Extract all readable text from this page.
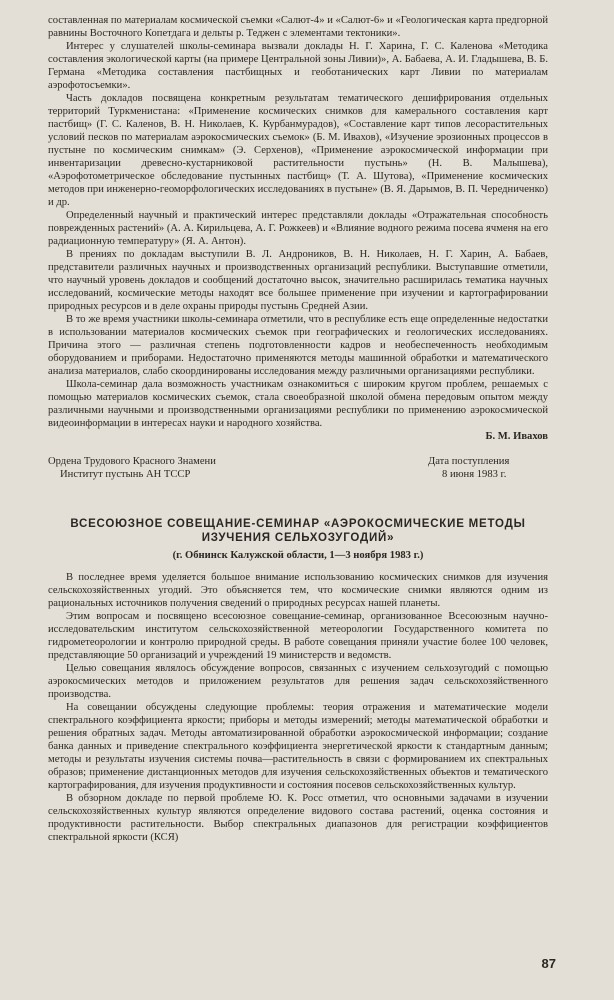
составленная по материалам космической съемки «Салют-4» и «Салют-6» и «Геологическая карта предгорной равнины Восточного Копетдага и дельты р. Теджен с элементами тектоники».

Интерес у слушателей школы-семинара вызвали доклады Н. Г. Харина, Г. С. Каленова «Методика составления экологической карты (на примере Центральной зоны Ливии)», А. Бабаева, А. И. Гладышева, В. Б. Германа «Методика составления пастбищных и геоботанических карт Ливии по материалам аэрофотосъемки».

Часть докладов посвящена конкретным результатам тематического дешифрирования отдельных территорий Туркменистана: «Применение космических снимков для камерального составления карт пастбищ» (Г. С. Каленов, В. Н. Николаев, К. Курбанмурадов), «Составление карт типов лесорастительных условий песков по материалам аэрокосмических съемок» (Б. М. Ивахов), «Изучение эрозионных процессов в пустыне по космическим снимкам» (Э. Серхенов), «Применение аэрокосмической информации при инвентаризации древесно-кустарниковой растительности пустынь» (Н. В. Малышева), «Аэрофотометрическое обследование пустынных пастбищ» (Т. А. Шутова), «Применение космических методов при инженерно-геоморфологических исследованиях в пустыне» (В. Я. Дарымов, В. П. Чередниченко) и др.

Определенный научный и практический интерес представляли доклады «Отражательная способность поврежденных растений» (А. А. Кирильцева, А. Г. Рожкеев) и «Влияние водного режима посева ячменя на его радиационную температуру» (Я. А. Антон).

В прениях по докладам выступили В. Л. Андроников, В. Н. Николаев, Н. Г. Харин, А. Бабаев, представители различных научных и производственных организаций республики. Выступавшие отметили, что научный уровень докладов и сообщений достаточно высок, значительно расширилась тематика научных исследований, космические методы находят все большее применение при изучении и картографировании природных ресурсов и в деле охраны природы пустынь Средней Азии.

В то же время участники школы-семинара отметили, что в республике есть еще определенные недостатки в использовании материалов космических съемок при географических и геологических исследованиях. Причина этого — различная степень подготовленности кадров и необеспеченность необходимым оборудованием и приборами. Недостаточно применяются методы машинной обработки и математического анализа материалов, слабо скоординированы исследования между различными организациями республики.

Школа-семинар дала возможность участникам ознакомиться с широким кругом проблем, решаемых с помощью материалов космических съемок, стала своеобразной школой обмена передовым опытом между различными научными и производственными организациями республики по применению аэрокосмической видеоинформации в интересах науки и народного хозяйства.

Б. М. Ивахов
Ордена Трудового Красного Знамени
Институт пустынь АН ТССР
Дата поступления
8 июня 1983 г.
ВСЕСОЮЗНОЕ СОВЕЩАНИЕ-СЕМИНАР «АЭРОКОСМИЧЕСКИЕ МЕТОДЫ
ИЗУЧЕНИЯ СЕЛЬХОЗУГОДИЙ»
(г. Обнинск Калужской области, 1—3 ноября 1983 г.)

В последнее время уделяется большое внимание использованию космических снимков для изучения сельскохозяйственных угодий. Это объясняется тем, что космические снимки являются одним из рациональных источников получения сведений о природных ресурсах нашей планеты.

Этим вопросам и посвящено всесоюзное совещание-семинар, организованное Всесоюзным научно-исследовательским институтом сельскохозяйственной метеорологии Государственного комитета по гидрометеорологии и контролю природной среды. В работе совещания приняли участие более 100 человек, представляющие 50 организаций и учреждений 19 министерств и ведомств.

Целью совещания являлось обсуждение вопросов, связанных с изучением сельхозугодий с помощью аэрокосмических методов и приложением результатов для решения задач сельскохозяйственного производства.

На совещании обсуждены следующие проблемы: теория отражения и математические модели спектрального коэффициента яркости; приборы и методы измерений; методы математической обработки и решения обратных задач. Методы автоматизированной обработки аэрокосмической информации; создание банка данных и приведение спектрального коэффициента энергетической яркости к стандартным данным; методы и результаты изучения системы почва—растительность в связи с формированием их спектральных образов; применение дистанционных методов для изучения сельскохозяйственных объектов и тематического картографирования, для изучения продуктивности и состояния посевов сельскохозяйственных культур.

В обзорном докладе по первой проблеме Ю. К. Росс отметил, что основными задачами в изучении сельскохозяйственных культур являются определение видового состава растений, оценка состояния и продуктивности растительности. Выбор спектральных диапазонов для регистрации коэффициентов спектральной яркости (КСЯ)

87
